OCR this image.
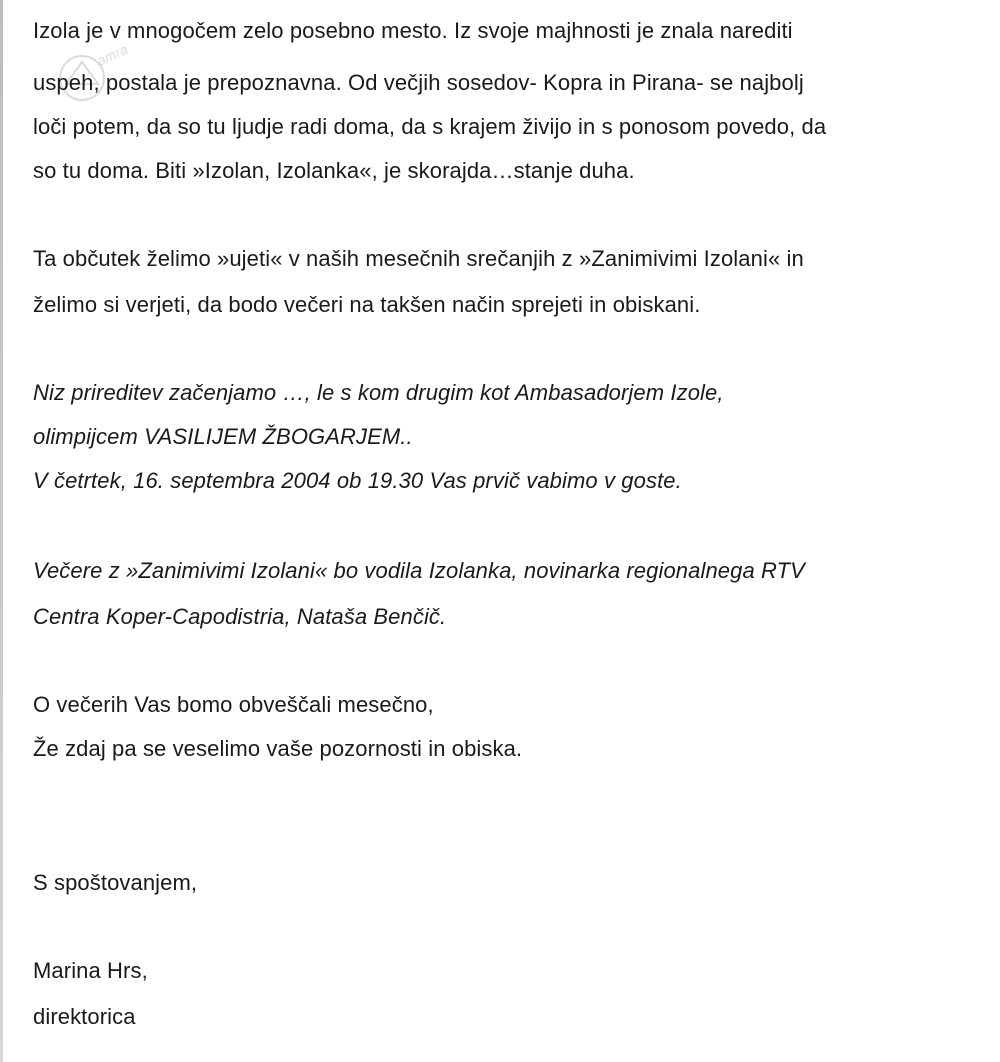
amra
Izola je v mnogočem zelo posebno mesto. Iz svoje majhnosti je znala narediti
uspeh, postala je prepoznavna. Od večjih sosedov- Kopra in Pirana- se najbolj
loči potem, da so tu ljudje radi doma, da s krajem živijo in s ponosom povedo, da
so tu doma. Biti »Izolan, Izolanka«, je skorajda…stanje duha.
Ta občutek želimo »ujeti« v naših mesečnih srečanjih z »Zanimivimi Izolani« in
želimo si verjeti, da bodo večeri na takšen način sprejeti in obiskani.
Niz prireditev začenjamo …, le s kom drugim kot Ambasadorjem Izole,
olimpijcem VASILIJEM ŽBOGARJEM..
V četrtek, 16. septembra 2004 ob 19.30 Vas prvič vabimo v goste.
Večere z »Zanimivimi Izolani« bo vodila Izolanka, novinarka regionalnega RTV
Centra Koper-Capodistria, Nataša Benčič.
O večerih Vas bomo obveščali mesečno,
Že zdaj pa se veselimo vaše pozornosti in obiska.
S spoštovanjem,
Marina Hrs,
direktorica
